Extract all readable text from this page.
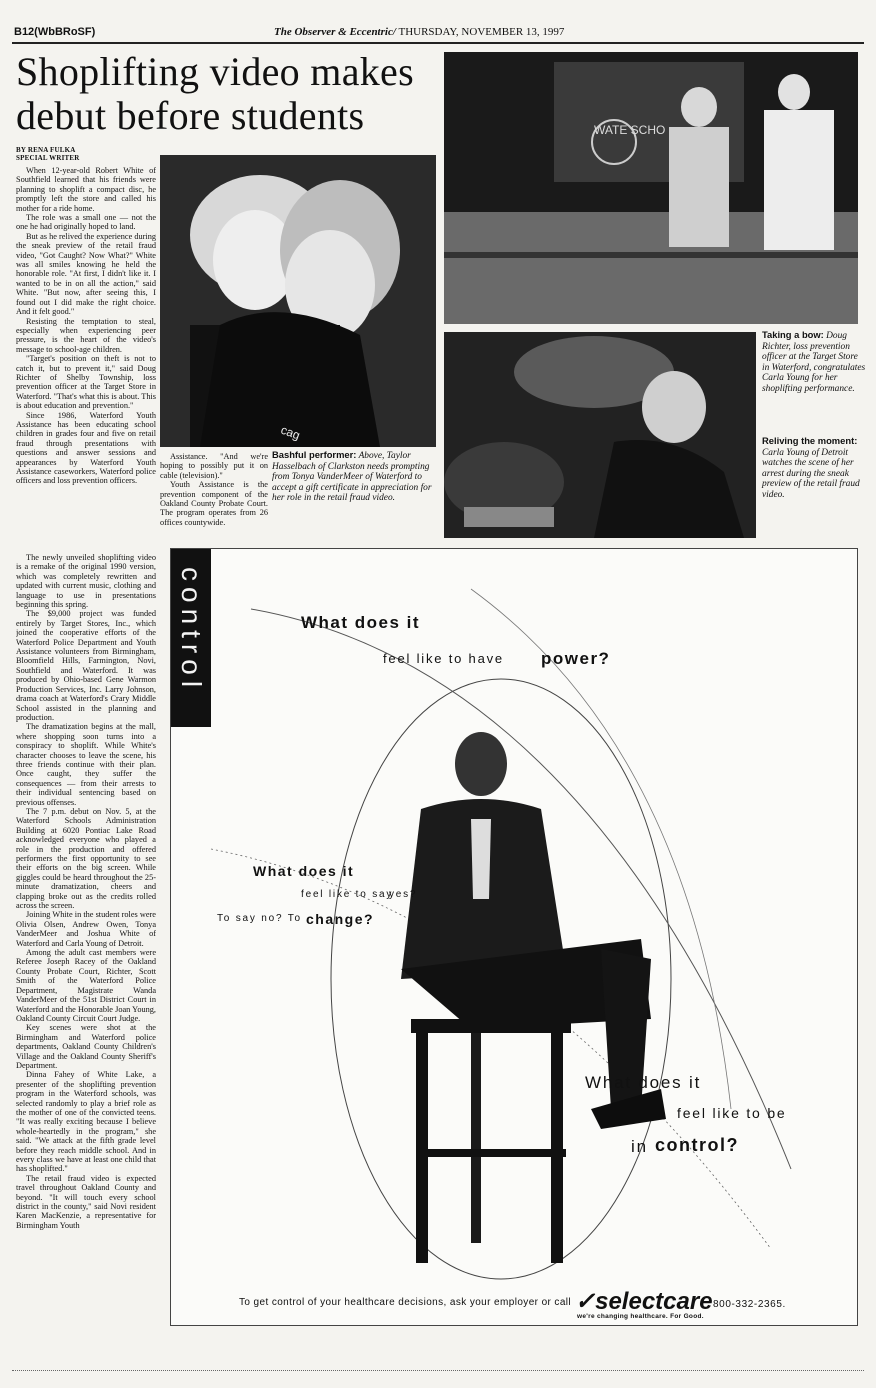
B12(WbBRoSF)	The Observer & Eccentric/ THURSDAY, NOVEMBER 13, 1997
Shoplifting video makes
debut before students
BY RENA FULKA
SPECIAL WRITER

When 12-year-old Robert White of Southfield learned that his friends were planning to shoplift a compact disc, he promptly left the store and called his mother for a ride home.

The role was a small one — not the one he had originally hoped to land.

But as he relived the experience during the sneak preview of the retail fraud video, "Got Caught? Now What?" White was all smiles knowing he held the honorable role. "At first, I didn't like it. I wanted to be in on all the action," said White. "But now, after seeing this, I found out I did make the right choice. And it felt good."

Resisting the temptation to steal, especially when experiencing peer pressure, is the heart of the video's message to school-age children.

"Target's position on theft is not to catch it, but to prevent it," said Doug Richter of Shelby Township, loss prevention officer at the Target Store in Waterford. "That's what this is about. This is about education and prevention."

Since 1986, Waterford Youth Assistance has been educating school children in grades four and five on retail fraud through presentations with questions and answer sessions and appearances by Waterford Youth Assistance caseworkers, Waterford police officers and loss prevention officers.

The newly unveiled shoplifting video is a remake of the original 1990 version, which was completely rewritten and updated with current music, clothing and language to use in presentations beginning this spring.

The $9,000 project was funded entirely by Target Stores, Inc., which joined the cooperative efforts of the Waterford Police Department and Youth Assistance volunteers from Birmingham, Bloomfield Hills, Farmington, Novi, Southfield and Waterford. It was produced by Ohio-based Gene Warmon Production Services, Inc. Larry Johnson, drama coach at Waterford's Crary Middle School assisted in the planning and production.

The dramatization begins at the mall, where shopping soon turns into a conspiracy to shoplift. While White's character chooses to leave the scene, his three friends continue with their plan. Once caught, they suffer the consequences — from their arrests to their individual sentencing based on previous offenses.

The 7 p.m. debut on Nov. 5, at the Waterford Schools Administration Building at 6020 Pontiac Lake Road acknowledged everyone who played a role in the production and offered performers the first opportunity to see their efforts on the big screen. While giggles could be heard throughout the 25-minute dramatization, cheers and clapping broke out as the credits rolled across the screen.

Joining White in the student roles were Olivia Olsen, Andrew Owen, Tonya VanderMeer and Joshua White of Waterford and Carla Young of Detroit.

Among the adult cast members were Referee Joseph Racey of the Oakland County Probate Court, Richter, Scott Smith of the Waterford Police Department, Magistrate Wanda VanderMeer of the 51st District Court in Waterford and the Honorable Joan Young, Oakland County Circuit Court Judge.

Key scenes were shot at the Birmingham and Waterford police departments, Oakland County Children's Village and the Oakland County Sheriff's Department.

Dinna Fahey of White Lake, a presenter of the shoplifting prevention program in the Waterford schools, was selected randomly to play a brief role as the mother of one of the convicted teens. "It was really exciting because I believe whole-heartedly in the program," she said. "We attack at the fifth grade level before they reach middle school. And in every class we have at least one child that has shoplifted."

The retail fraud video is expected travel throughout Oakland County and beyond. "It will touch every school district in the county," said Novi resident Karen MacKenzie, a representative for Birmingham Youth

Assistance. "And we're hoping to possibly put it on cable (television)."

Youth Assistance is the prevention component of the Oakland County Probate Court. The program operates from 26 offices countywide.

cag
WATE SCHO
Bashful performer: Above, Taylor Hasselbach of Clarkston needs prompting from Tonya VanderMeer of Waterford to accept a gift certificate in appreciation for her role in the retail fraud video.
Taking a bow: Doug Richter, loss prevention officer at the Target Store in Waterford, congratulates Carla Young for her shoplifting performance.
Reliving the moment: Carla Young of Detroit watches the scene of her arrest during the sneak preview of the retail fraud video.
control	What does it
feel like to have power?
What does it
feel like to say
yes?
To say no? To change?
What does it
feel like to be
in control?
To get control of your healthcare decisions, ask your employer or call ✓selectcare 800-332-2365.
we're changing healthcare. For Good.
